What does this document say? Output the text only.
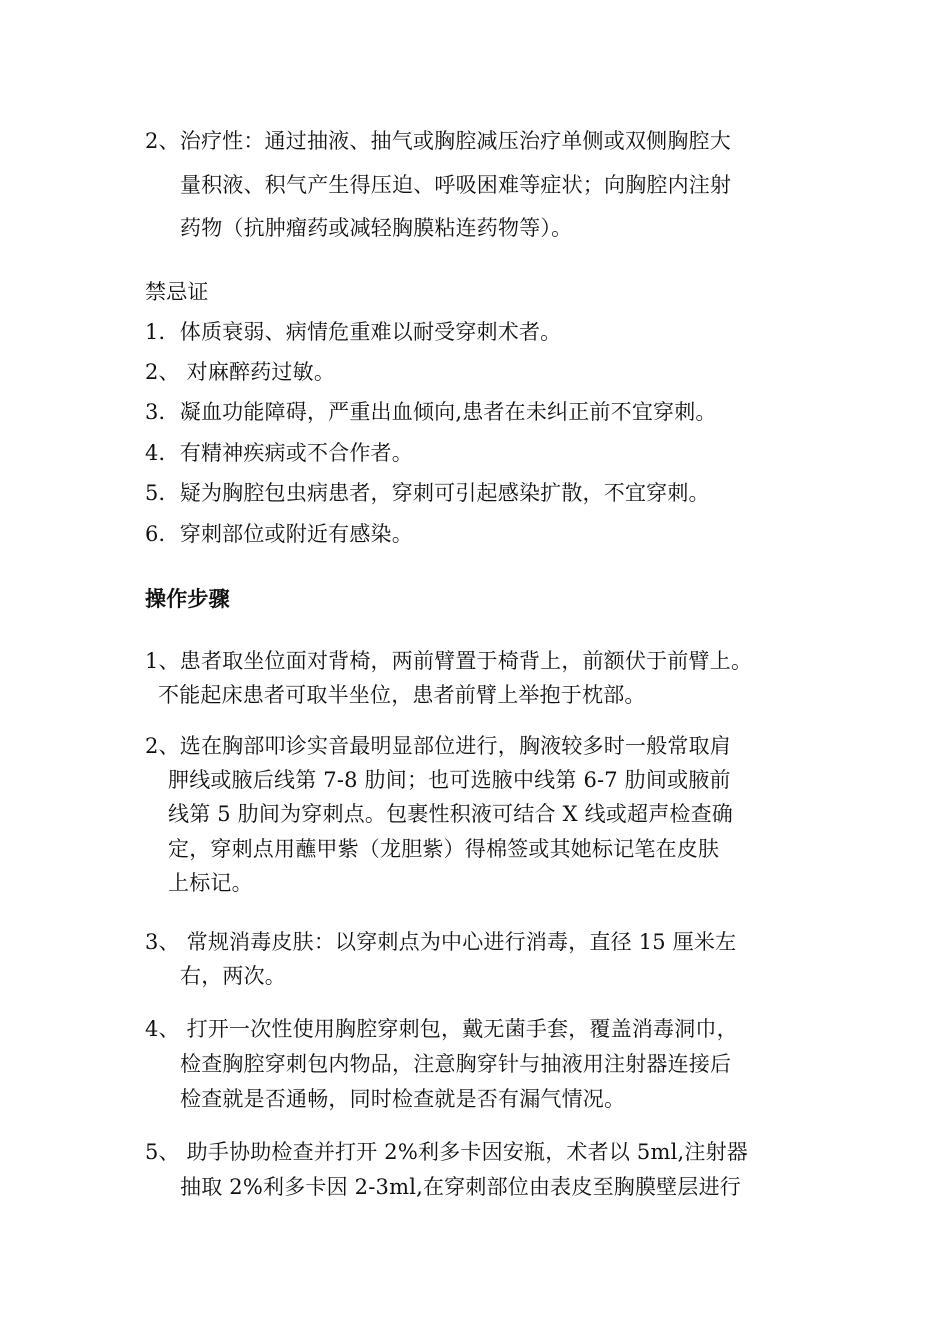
2、治疗性：通过抽液、抽气或胸腔减压治疗单侧或双侧胸腔大
量积液、积气产生得压迫、呼吸困难等症状；向胸腔内注射
药物（抗肿瘤药或减轻胸膜粘连药物等）。
禁忌证
1．体质衰弱、病情危重难以耐受穿刺术者。
2、 对麻醉药过敏。
3．凝血功能障碍，严重出血倾向,患者在未纠正前不宜穿刺。
4．有精神疾病或不合作者。
5．疑为胸腔包虫病患者，穿刺可引起感染扩散，不宜穿刺。
6．穿刺部位或附近有感染。
操作步骤
1、患者取坐位面对背椅，两前臂置于椅背上，前额伏于前臂上。
不能起床患者可取半坐位，患者前臂上举抱于枕部。
2、选在胸部叩诊实音最明显部位进行，胸液较多时一般常取肩
胛线或腋后线第 7-8 肋间；也可选腋中线第 6-7 肋间或腋前
线第 5 肋间为穿刺点。包裹性积液可结合 X 线或超声检查确
定，穿刺点用蘸甲紫（龙胆紫）得棉签或其她标记笔在皮肤
上标记。
3、 常规消毒皮肤：以穿刺点为中心进行消毒，直径 15 厘米左
右，两次。
4、 打开一次性使用胸腔穿刺包，戴无菌手套，覆盖消毒洞巾，
检查胸腔穿刺包内物品，注意胸穿针与抽液用注射器连接后
检查就是否通畅，同时检查就是否有漏气情况。
5、 助手协助检查并打开 2%利多卡因安瓶，术者以 5ml,注射器
抽取 2%利多卡因 2-3ml,在穿刺部位由表皮至胸膜壁层进行
